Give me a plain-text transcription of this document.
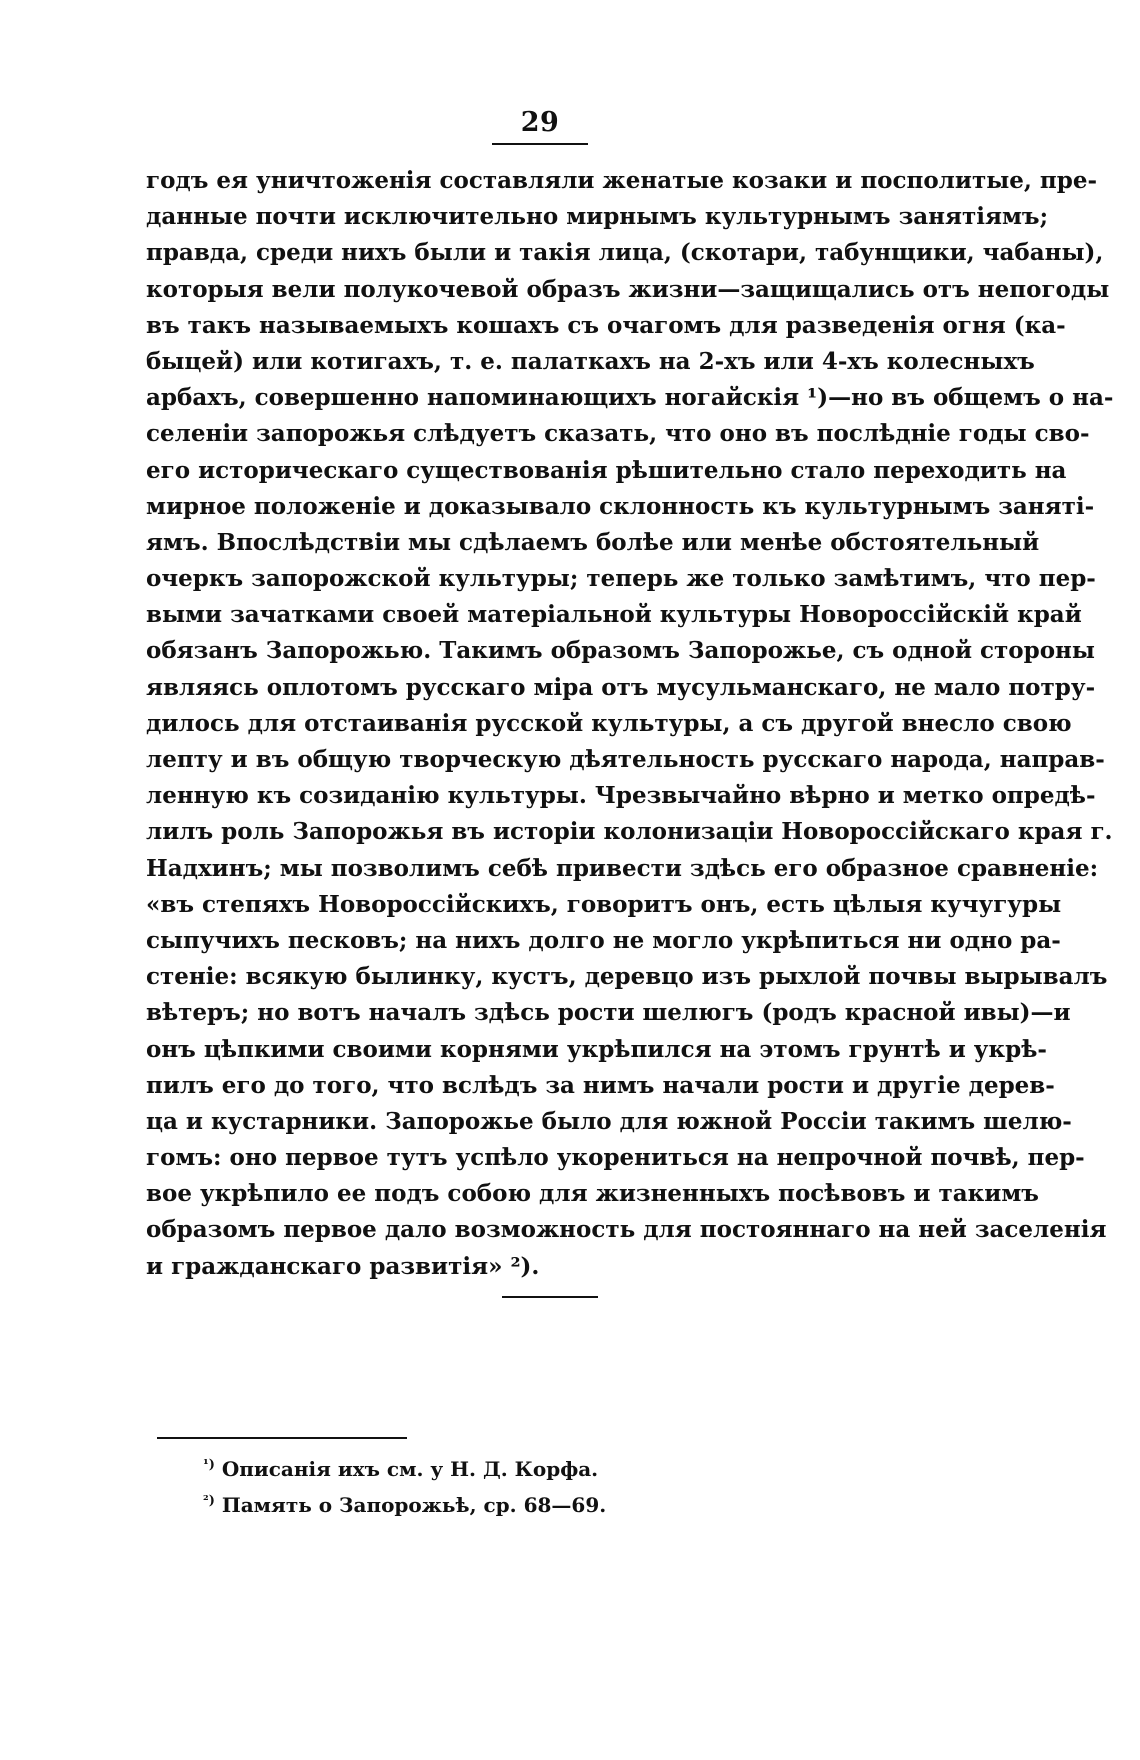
29
годъ ея уничтоженія составляли женатые козаки и посполитые, пре-
данные почти исключительно мирнымъ культурнымъ занятіямъ;
правда, среди нихъ были и такія лица, (скотари, табунщики, чабаны),
которыя вели полукочевой образъ жизни—защищались отъ непогоды
въ такъ называемыхъ кошахъ съ очагомъ для разведенія огня (ка-
быцей) или котигахъ, т. е. палаткахъ на 2-хъ или 4-хъ колесныхъ
арбахъ, совершенно напоминающихъ ногайскія ¹)—но въ общемъ о на-
селеніи запорожья слѣдуетъ сказать, что оно въ послѣдніе годы сво-
его историческаго существованія рѣшительно стало переходить на
мирное положеніе и доказывало склонность къ культурнымъ занятi-
ямъ. Впослѣдствіи мы сдѣлаемъ болѣе или менѣе обстоятельный
очеркъ запорожской культуры; теперь же только замѣтимъ, что пер-
выми зачатками своей матеріальной культуры Новороссійскій край
обязанъ Запорожью. Такимъ образомъ Запорожье, съ одной стороны
являясь оплотомъ русскаго міра отъ мусульманскаго, не мало потру-
дилось для отстаиванія русской культуры, а съ другой внесло свою
лепту и въ общую творческую дѣятельность русскаго народа, направ-
ленную къ созиданію культуры. Чрезвычайно вѣрно и метко опредѣ-
лилъ роль Запорожья въ исторіи колонизаціи Новороссійскаго края г.
Надхинъ; мы позволимъ себѣ привести здѣсь его образное сравненіе:
«въ степяхъ Новороссійскихъ, говоритъ онъ, есть цѣлыя кучугуры
сыпучихъ песковъ; на нихъ долго не могло укрѣпиться ни одно ра-
стеніе: всякую былинку, кустъ, деревцо изъ рыхлой почвы вырывалъ
вѣтеръ; но вотъ началъ здѣсь рости шелюгъ (родъ красной ивы)—и
онъ цѣпкими своими корнями укрѣпился на этомъ грунтѣ и укрѣ-
пилъ его до того, что вслѣдъ за нимъ начали рости и другіе дерев-
ца и кустарники. Запорожье было для южной Россіи такимъ шелю-
гомъ: оно первое тутъ успѣло укорениться на непрочной почвѣ, пер-
вое укрѣпило ее подъ собою для жизненныхъ посѣвовъ и такимъ
образомъ первое дало возможность для постояннаго на ней заселенія
и гражданскаго развитія» ²).
$^{^1)}$ Описанія ихъ см. у Н. Д. Корфа.
$^{^2)}$ Память о Запорожьѣ, ср. 68—69.
